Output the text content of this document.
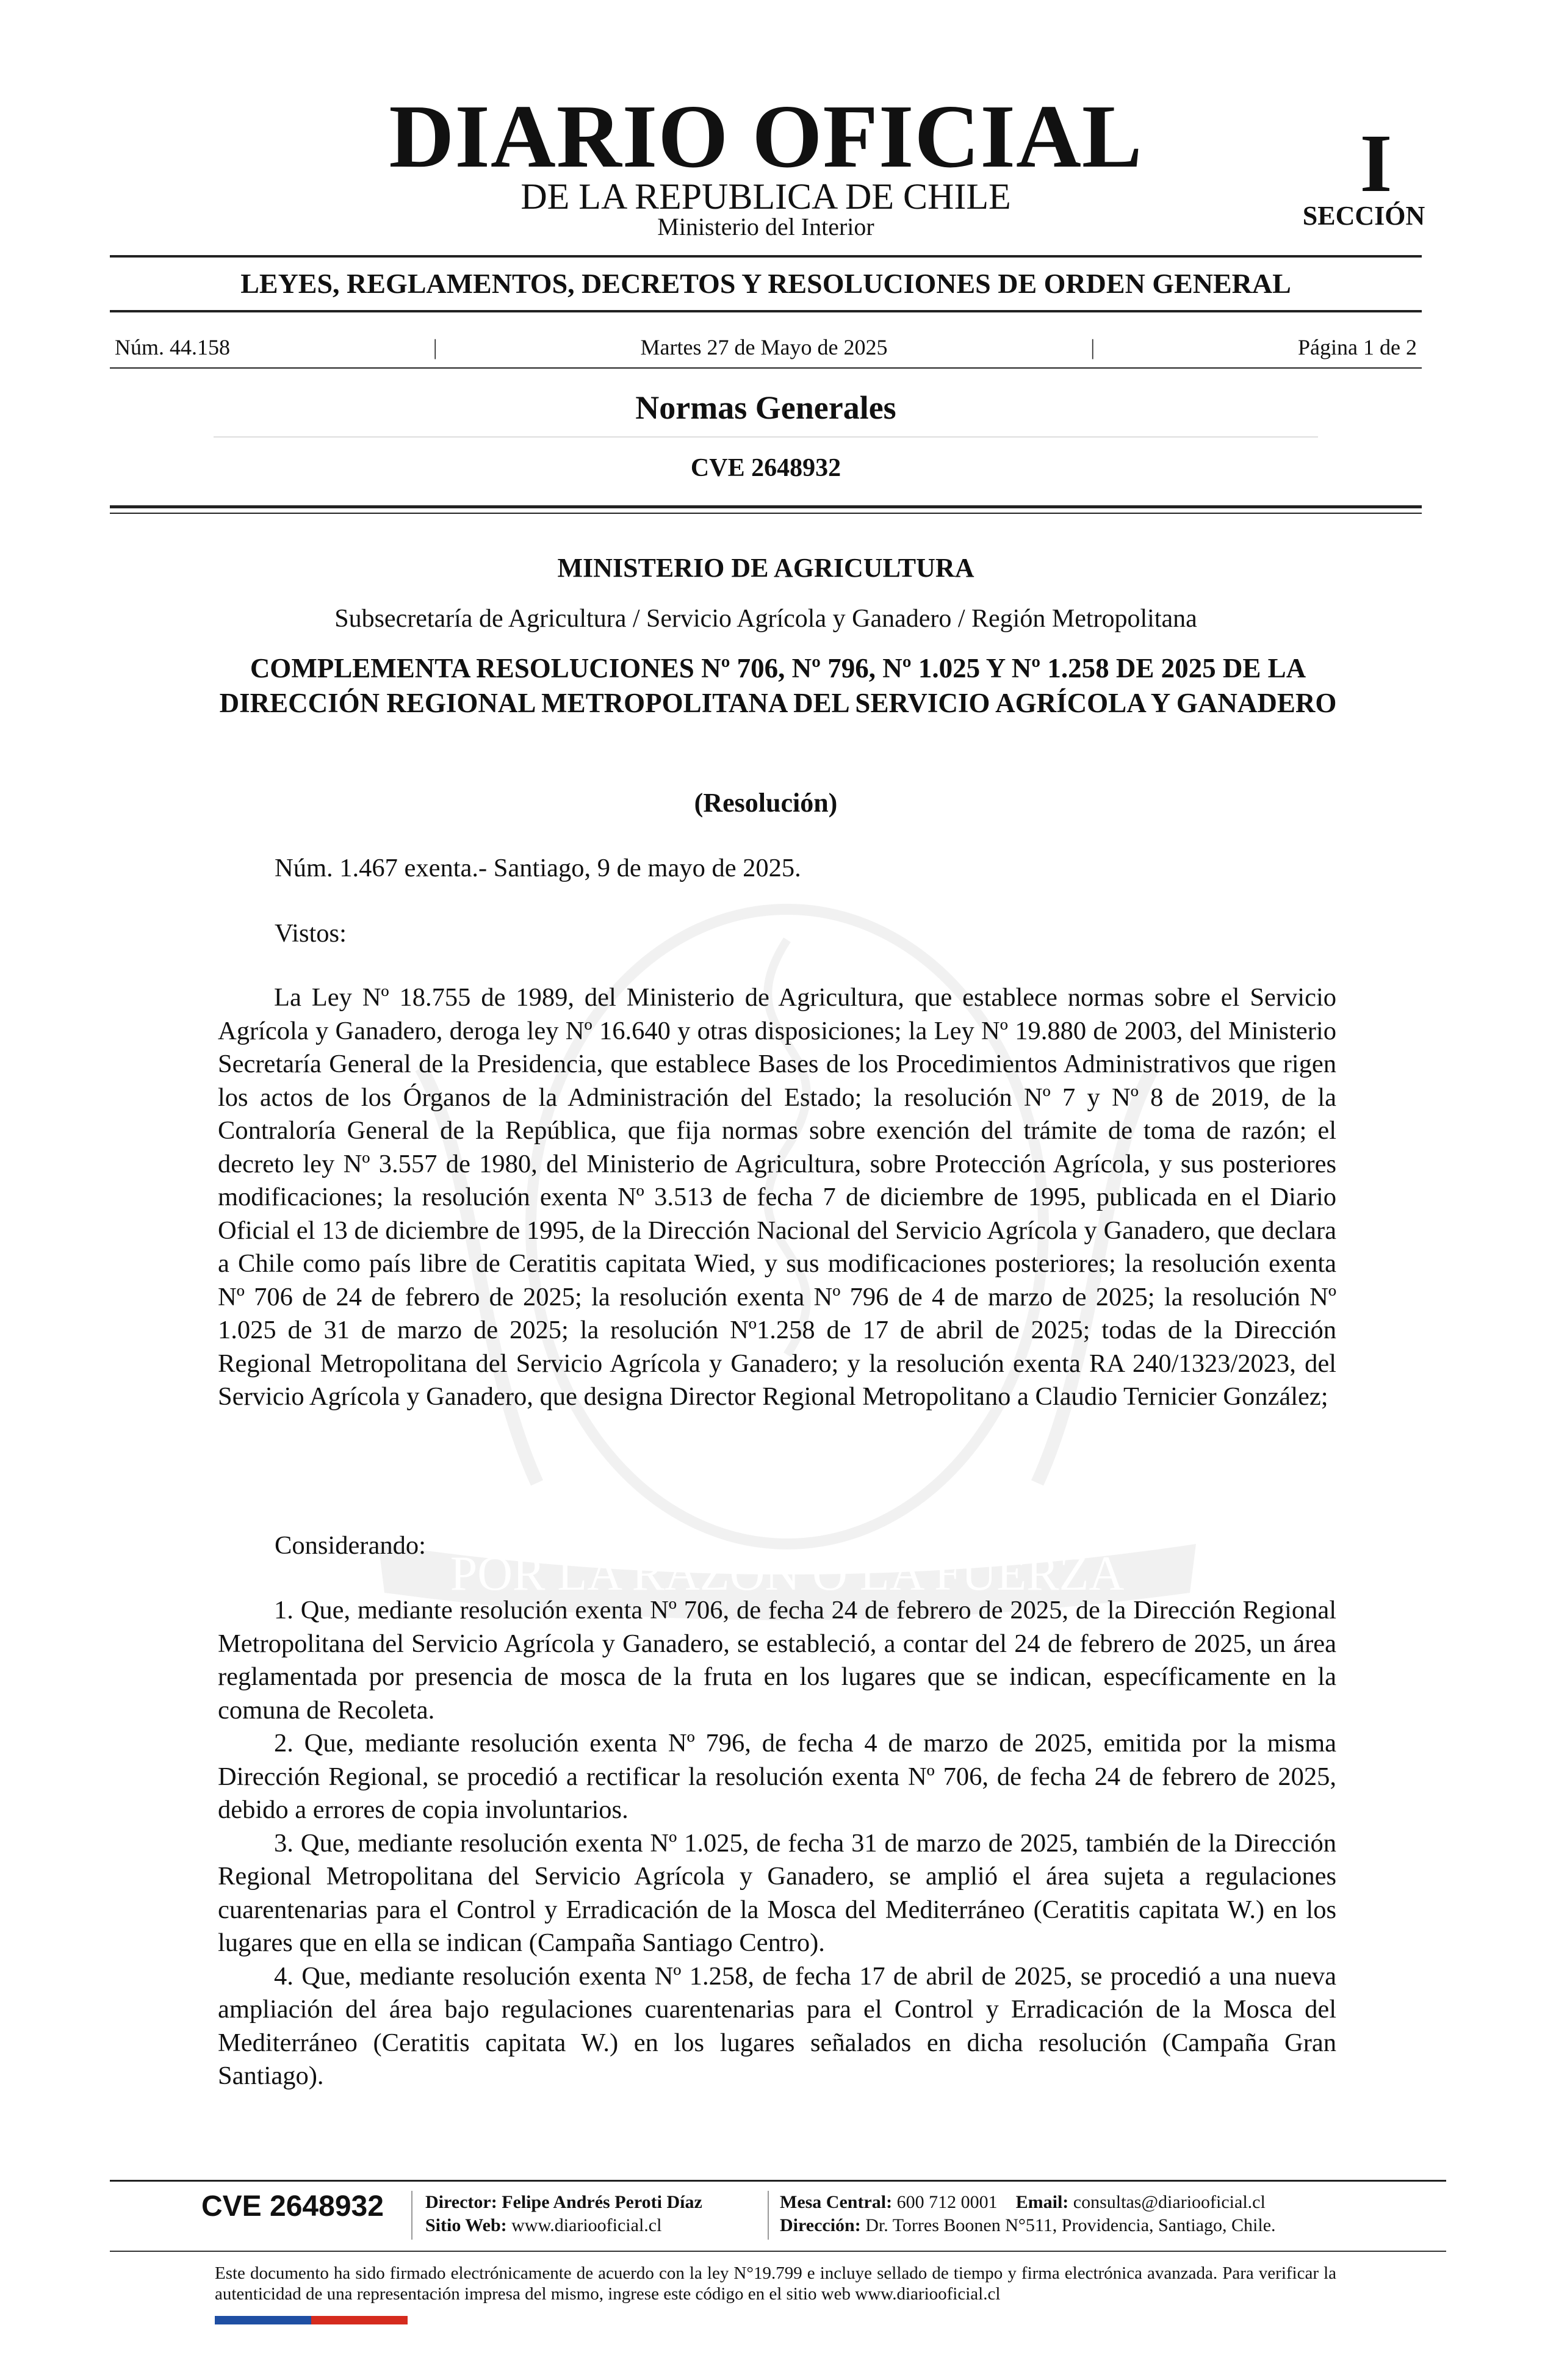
POR LA RAZON O LA FUERZA
DIARIO OFICIAL
DE LA REPUBLICA DE CHILE
Ministerio del Interior
I
SECCIÓN
LEYES, REGLAMENTOS, DECRETOS Y RESOLUCIONES DE ORDEN GENERAL
Núm. 44.158	|	Martes 27 de Mayo de 2025	|	Página 1 de 2
Normas Generales
CVE 2648932
MINISTERIO DE AGRICULTURA
Subsecretaría de Agricultura / Servicio Agrícola y Ganadero / Región Metropolitana
COMPLEMENTA RESOLUCIONES Nº 706, Nº 796, Nº 1.025 Y Nº 1.258 DE 2025 DE LA DIRECCIÓN REGIONAL METROPOLITANA DEL SERVICIO AGRÍCOLA Y GANADERO
(Resolución)
Núm. 1.467 exenta.- Santiago, 9 de mayo de 2025.
Vistos:
La Ley Nº 18.755 de 1989, del Ministerio de Agricultura, que establece normas sobre el Servicio Agrícola y Ganadero, deroga ley Nº 16.640 y otras disposiciones; la Ley Nº 19.880 de 2003, del Ministerio Secretaría General de la Presidencia, que establece Bases de los Procedimientos Administrativos que rigen los actos de los Órganos de la Administración del Estado; la resolución Nº 7 y Nº 8 de 2019, de la Contraloría General de la República, que fija normas sobre exención del trámite de toma de razón; el decreto ley Nº 3.557 de 1980, del Ministerio de Agricultura, sobre Protección Agrícola, y sus posteriores modificaciones; la resolución exenta Nº 3.513 de fecha 7 de diciembre de 1995, publicada en el Diario Oficial el 13 de diciembre de 1995, de la Dirección Nacional del Servicio Agrícola y Ganadero, que declara a Chile como país libre de Ceratitis capitata Wied, y sus modificaciones posteriores; la resolución exenta Nº 706 de 24 de febrero de 2025; la resolución exenta Nº 796 de 4 de marzo de 2025; la resolución Nº 1.025 de 31 de marzo de 2025; la resolución Nº1.258 de 17 de abril de 2025; todas de la Dirección Regional Metropolitana del Servicio Agrícola y Ganadero; y la resolución exenta RA 240/1323/2023, del Servicio Agrícola y Ganadero, que designa Director Regional Metropolitano a Claudio Ternicier González;
Considerando:
1. Que, mediante resolución exenta Nº 706, de fecha 24 de febrero de 2025, de la Dirección Regional Metropolitana del Servicio Agrícola y Ganadero, se estableció, a contar del 24 de febrero de 2025, un área reglamentada por presencia de mosca de la fruta en los lugares que se indican, específicamente en la comuna de Recoleta.
2. Que, mediante resolución exenta Nº 796, de fecha 4 de marzo de 2025, emitida por la misma Dirección Regional, se procedió a rectificar la resolución exenta Nº 706, de fecha 24 de febrero de 2025, debido a errores de copia involuntarios.
3. Que, mediante resolución exenta Nº 1.025, de fecha 31 de marzo de 2025, también de la Dirección Regional Metropolitana del Servicio Agrícola y Ganadero, se amplió el área sujeta a regulaciones cuarentenarias para el Control y Erradicación de la Mosca del Mediterráneo (Ceratitis capitata W.) en los lugares que en ella se indican (Campaña Santiago Centro).
4. Que, mediante resolución exenta Nº 1.258, de fecha 17 de abril de 2025, se procedió a una nueva ampliación del área bajo regulaciones cuarentenarias para el Control y Erradicación de la Mosca del Mediterráneo (Ceratitis capitata W.) en los lugares señalados en dicha resolución (Campaña Gran Santiago).
CVE 2648932 Director: Felipe Andrés Peroti Díaz
Sitio Web: www.diariooficial.cl
Mesa Central: 600 712 0001 Email: consultas@diariooficial.cl
Dirección: Dr. Torres Boonen N°511, Providencia, Santiago, Chile.
Este documento ha sido firmado electrónicamente de acuerdo con la ley N°19.799 e incluye sellado de tiempo y firma electrónica avanzada. Para verificar la autenticidad de una representación impresa del mismo, ingrese este código en el sitio web www.diariooficial.cl
